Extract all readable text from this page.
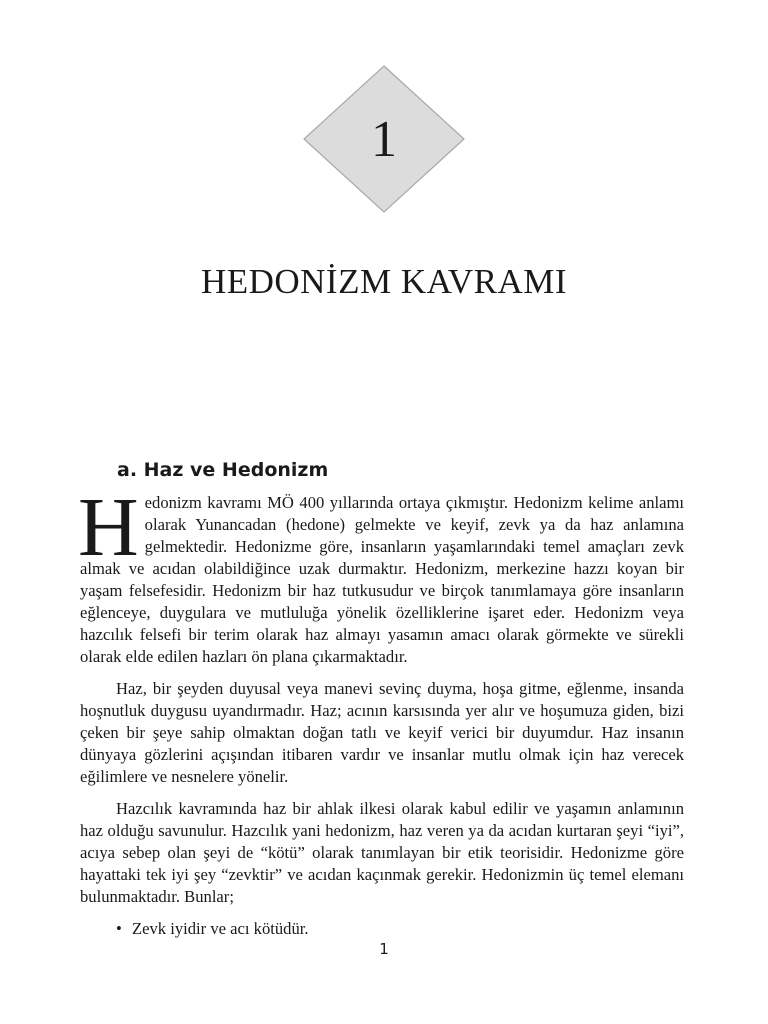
1
HEDONİZM KAVRAMI
a. Haz ve Hedonizm

Hedonizm kavramı MÖ 400 yıllarında ortaya çıkmıştır. Hedonizm kelime anlamı olarak Yunancadan (hedone) gelmekte ve keyif, zevk ya da haz anlamına gelmektedir. Hedonizme göre, insanların yaşamlarındaki temel amaçları zevk almak ve acıdan olabildiğince uzak durmaktır. Hedonizm, merkezine hazzı koyan bir yaşam felsefesidir. Hedonizm bir haz tutkusudur ve birçok tanımlamaya göre insanların eğlenceye, duygulara ve mutluluğa yönelik özelliklerine işaret eder. Hedonizm veya hazcılık felsefi bir terim olarak haz almayı yasamın amacı olarak görmekte ve sürekli olarak elde edilen hazları ön plana çıkarmaktadır.

Haz, bir şeyden duyusal veya manevi sevinç duyma, hoşa gitme, eğlenme, insanda hoşnutluk duygusu uyandırmadır. Haz; acının karsısında yer alır ve hoşumuza giden, bizi çeken bir şeye sahip olmaktan doğan tatlı ve keyif verici bir duyumdur. Haz insanın dünyaya gözlerini açışından itibaren vardır ve insanlar mutlu olmak için haz verecek eğilimlere ve nesnelere yönelir.

Hazcılık kavramında haz bir ahlak ilkesi olarak kabul edilir ve yaşamın anlamının haz olduğu savunulur. Hazcılık yani hedonizm, haz veren ya da acıdan kurtaran şeyi “iyi”, acıya sebep olan şeyi de “kötü” olarak tanımlayan bir etik teorisidir. Hedonizme göre hayattaki tek iyi şey “zevktir” ve acıdan kaçınmak gerekir. Hedonizmin üç temel elemanı bulunmaktadır. Bunlar;

• Zevk iyidir ve acı kötüdür.
1
